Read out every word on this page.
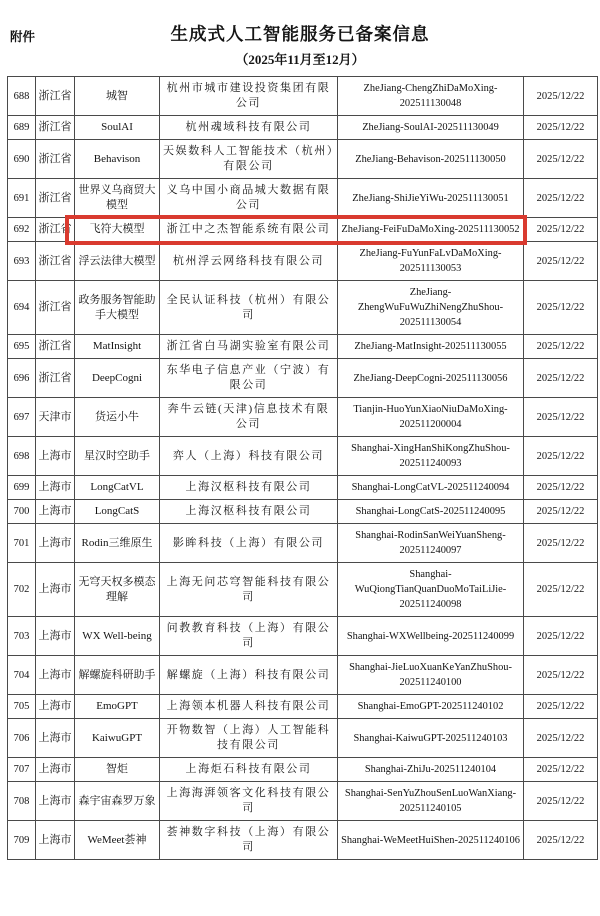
附件	生成式人工智能服务已备案信息
（2025年11月至12月）
688	浙江省	城智	杭州市城市建设投资集团有限公司	ZheJiang-ChengZhiDaMoXing-202511130048	2025/12/22
689	浙江省	SoulAI	杭州魂域科技有限公司	ZheJiang-SoulAI-202511130049	2025/12/22
690	浙江省	Behavison	天娱数科人工智能技术（杭州）有限公司	ZheJiang-Behavison-202511130050	2025/12/22
691	浙江省	世界义乌商贸大模型	义乌中国小商品城大数据有限公司	ZheJiang-ShiJieYiWu-202511130051	2025/12/22
692	浙江省	飞符大模型	浙江中之杰智能系统有限公司	ZheJiang-FeiFuDaMoXing-202511130052	2025/12/22
693	浙江省	浮云法律大模型	杭州浮云网络科技有限公司	ZheJiang-FuYunFaLvDaMoXing-202511130053	2025/12/22
694	浙江省	政务服务智能助手大模型	全民认证科技（杭州）有限公司	ZheJiang-ZhengWuFuWuZhiNengZhuShou-202511130054	2025/12/22
695	浙江省	MatInsight	浙江省白马湖实验室有限公司	ZheJiang-MatInsight-202511130055	2025/12/22
696	浙江省	DeepCogni	东华电子信息产业（宁波）有限公司	ZheJiang-DeepCogni-202511130056	2025/12/22
697	天津市	货运小牛	奔牛云链(天津)信息技术有限公司	Tianjin-HuoYunXiaoNiuDaMoXing-202511200004	2025/12/22
698	上海市	星汉时空助手	弈人（上海）科技有限公司	Shanghai-XingHanShiKongZhuShou-202511240093	2025/12/22
699	上海市	LongCatVL	上海汉枢科技有限公司	Shanghai-LongCatVL-202511240094	2025/12/22
700	上海市	LongCatS	上海汉枢科技有限公司	Shanghai-LongCatS-202511240095	2025/12/22
701	上海市	Rodin三维原生	影眸科技（上海）有限公司	Shanghai-RodinSanWeiYuanSheng-202511240097	2025/12/22
702	上海市	无穹天权多模态理解	上海无问芯穹智能科技有限公司	Shanghai-WuQiongTianQuanDuoMoTaiLiJie-202511240098	2025/12/22
703	上海市	WX Well-being	问教教育科技（上海）有限公司	Shanghai-WXWellbeing-202511240099	2025/12/22
704	上海市	解螺旋科研助手	解螺旋（上海）科技有限公司	Shanghai-JieLuoXuanKeYanZhuShou-202511240100	2025/12/22
705	上海市	EmoGPT	上海领本机器人科技有限公司	Shanghai-EmoGPT-202511240102	2025/12/22
706	上海市	KaiwuGPT	开物数智（上海）人工智能科技有限公司	Shanghai-KaiwuGPT-202511240103	2025/12/22
707	上海市	智炬	上海炬石科技有限公司	Shanghai-ZhiJu-202511240104	2025/12/22
708	上海市	森宇宙森罗万象	上海海湃领客文化科技有限公司	Shanghai-SenYuZhouSenLuoWanXiang-202511240105	2025/12/22
709	上海市	WeMeet荟神	荟神数字科技（上海）有限公司	Shanghai-WeMeetHuiShen-202511240106	2025/12/22
